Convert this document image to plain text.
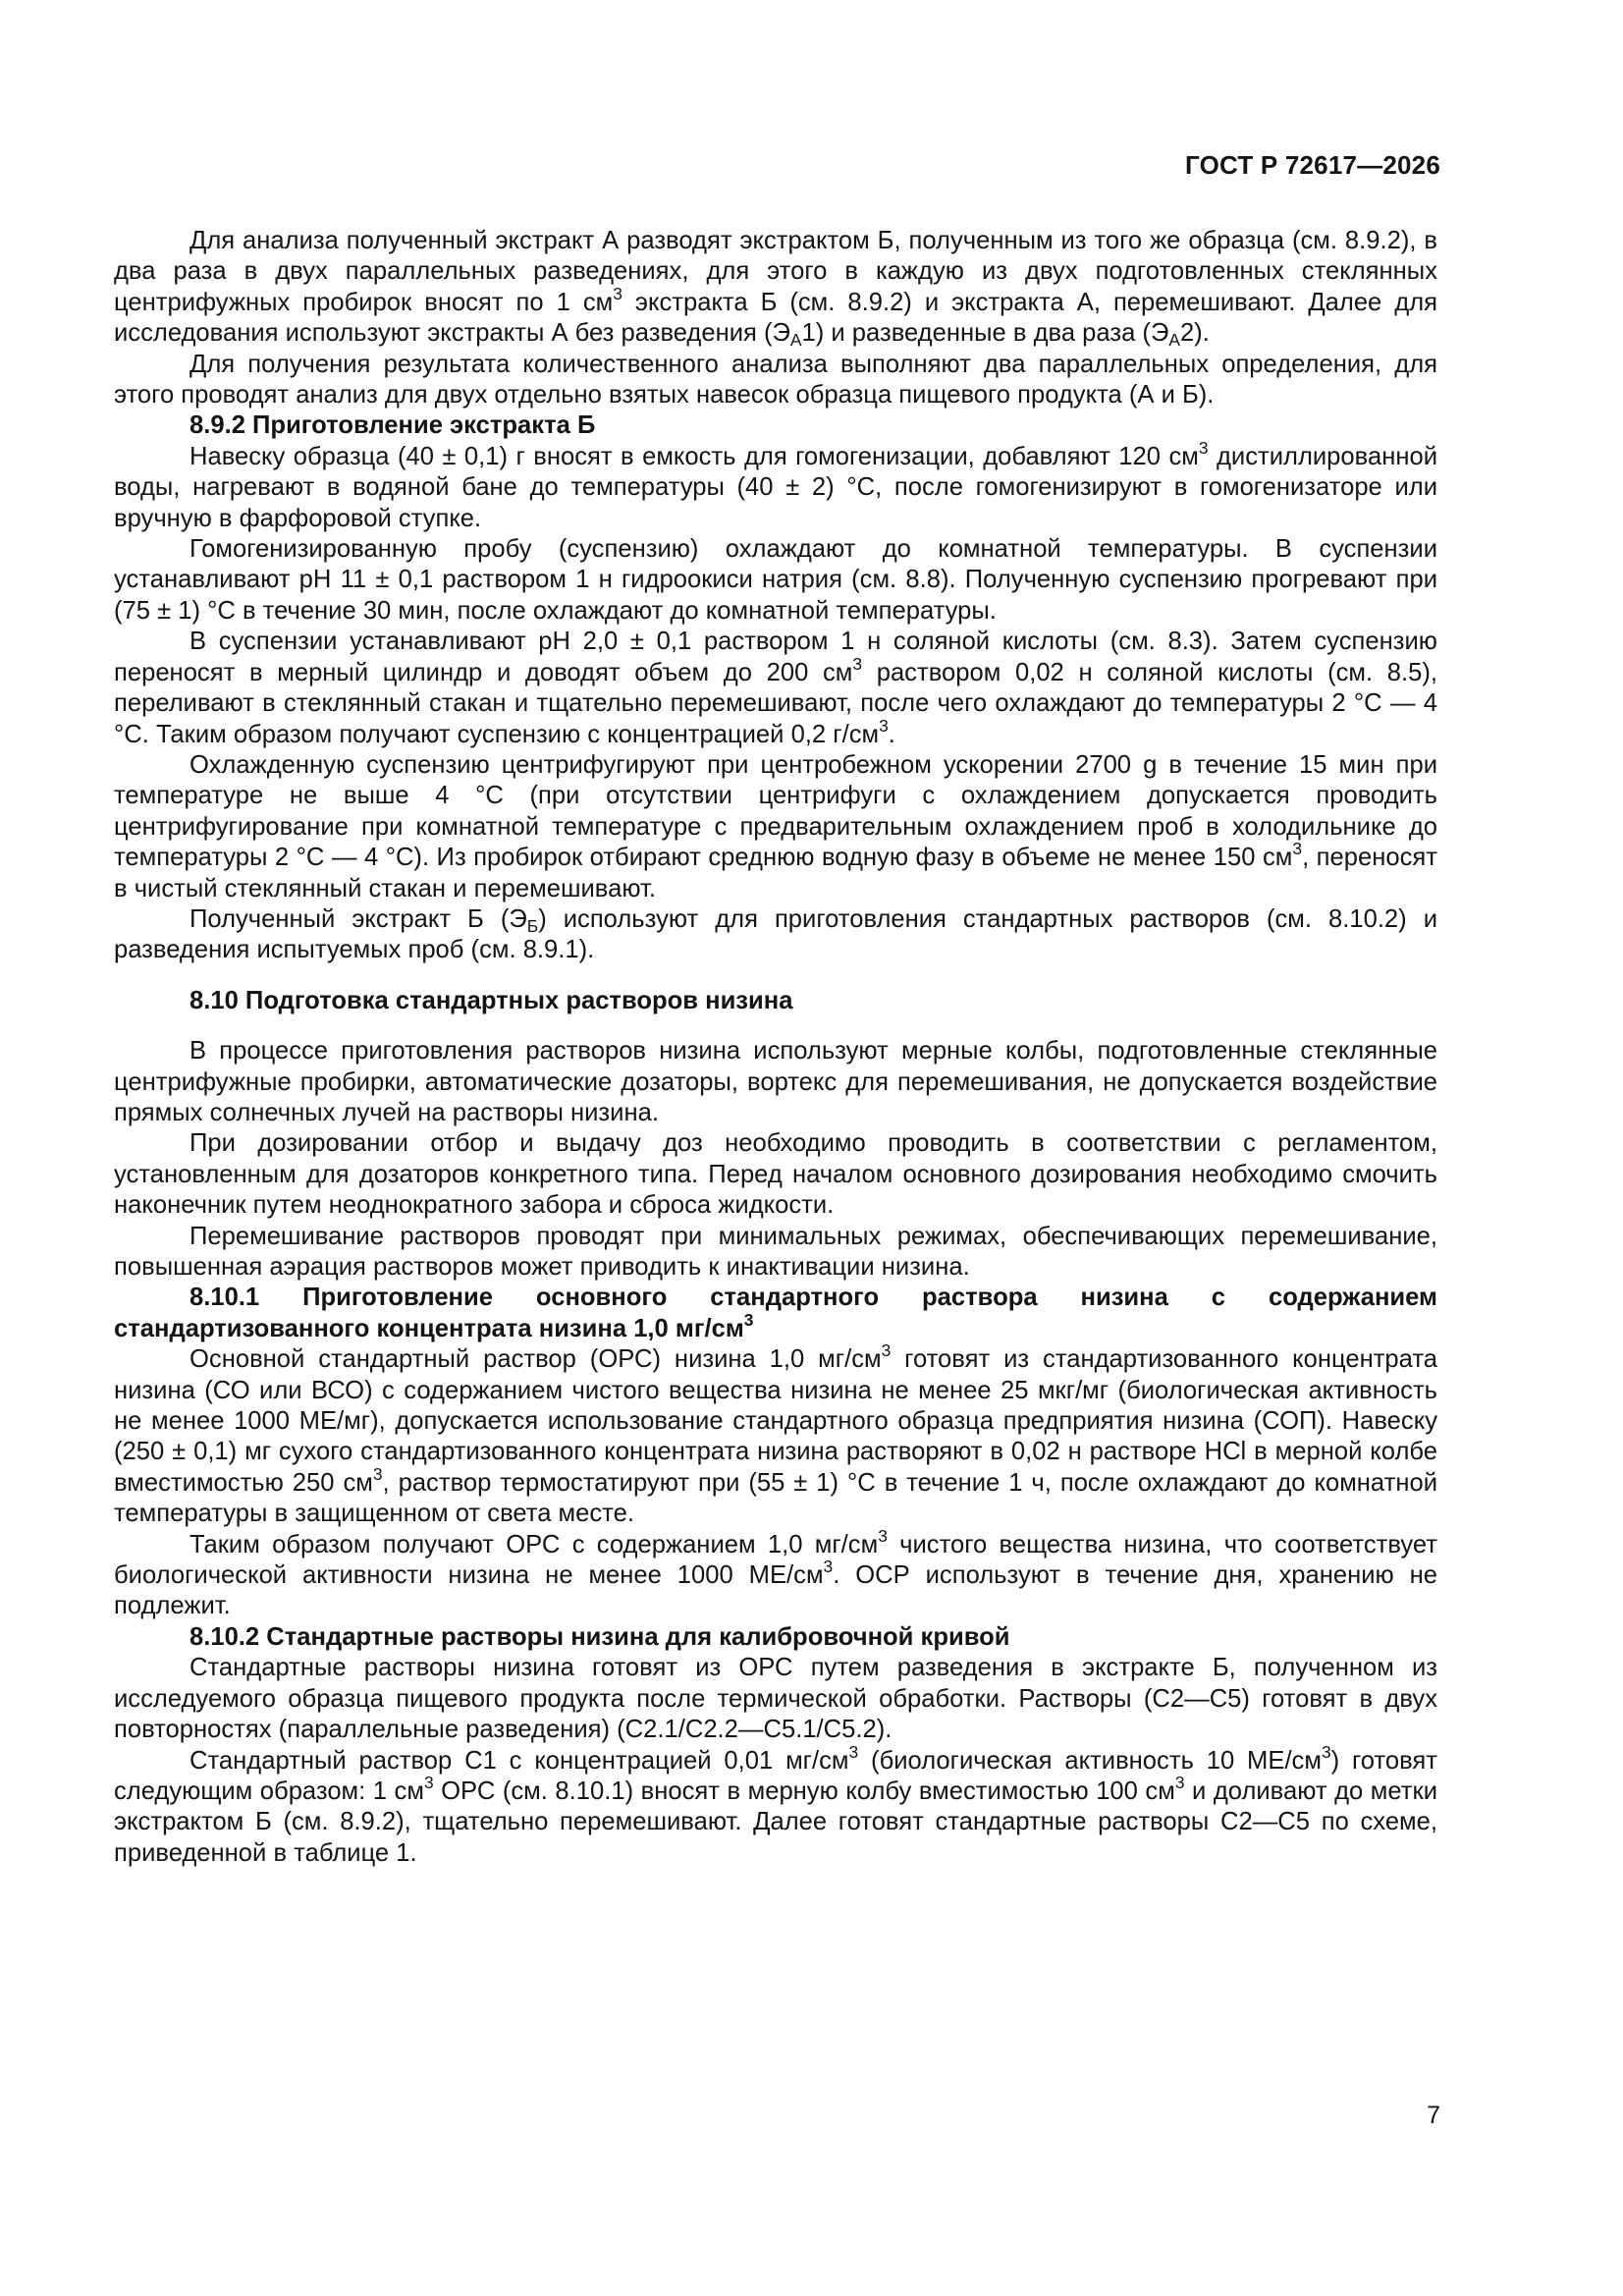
ГОСТ Р 72617—2026

Для анализа полученный экстракт А разводят экстрактом Б, полученным из того же образца (см. 8.9.2), в два раза в двух параллельных разведениях, для этого в каждую из двух подготовленных стеклянных центрифужных пробирок вносят по 1 $см^3$ экстракта Б (см. 8.9.2) и экстракта А, перемешивают. Далее для исследования используют экстракты А без разведения $(Э_А1)$ и разведенные в два раза $(Э_А2)$.

Для получения результата количественного анализа выполняют два параллельных определения, для этого проводят анализ для двух отдельно взятых навесок образца пищевого продукта (А и Б).

8.9.2 Приготовление экстракта Б

Навеску образца (40 ± 0,1) г вносят в емкость для гомогенизации, добавляют 120 $см^3$ дистиллированной воды, нагревают в водяной бане до температуры (40 ± 2) °С, после гомогенизируют в гомогенизаторе или вручную в фарфоровой ступке.

Гомогенизированную пробу (суспензию) охлаждают до комнатной температуры. В суспензии устанавливают рН 11 ± 0,1 раствором 1 н гидроокиси натрия (см. 8.8). Полученную суспензию прогревают при (75 ± 1) °С в течение 30 мин, после охлаждают до комнатной температуры.

В суспензии устанавливают рН 2,0 ± 0,1 раствором 1 н соляной кислоты (см. 8.3). Затем суспензию переносят в мерный цилиндр и доводят объем до 200 $см^3$ раствором 0,02 н соляной кислоты (см. 8.5), переливают в стеклянный стакан и тщательно перемешивают, после чего охлаждают до температуры 2 °С — 4 °С. Таким образом получают суспензию с концентрацией 0,2 $г/см^3$.

Охлажденную суспензию центрифугируют при центробежном ускорении 2700 g в течение 15 мин при температуре не выше 4 °С (при отсутствии центрифуги с охлаждением допускается проводить центрифугирование при комнатной температуре с предварительным охлаждением проб в холодильнике до температуры 2 °С — 4 °С). Из пробирок отбирают среднюю водную фазу в объеме не менее 150 $см^3$, переносят в чистый стеклянный стакан и перемешивают.

Полученный экстракт Б $(Э_Б)$ используют для приготовления стандартных растворов (см. 8.10.2) и разведения испытуемых проб (см. 8.9.1).

8.10 Подготовка стандартных растворов низина

В процессе приготовления растворов низина используют мерные колбы, подготовленные стеклянные центрифужные пробирки, автоматические дозаторы, вортекс для перемешивания, не допускается воздействие прямых солнечных лучей на растворы низина.

При дозировании отбор и выдачу доз необходимо проводить в соответствии с регламентом, установленным для дозаторов конкретного типа. Перед началом основного дозирования необходимо смочить наконечник путем неоднократного забора и сброса жидкости.

Перемешивание растворов проводят при минимальных режимах, обеспечивающих перемешивание, повышенная аэрация растворов может приводить к инактивации низина.

8.10.1 Приготовление основного стандартного раствора низина с содержанием стандартизованного концентрата низина 1,0 $мг/см^3$

Основной стандартный раствор (ОРС) низина 1,0 $мг/см^3$ готовят из стандартизованного концентрата низина (СО или ВСО) с содержанием чистого вещества низина не менее 25 мкг/мг (биологическая активность не менее 1000 МЕ/мг), допускается использование стандартного образца предприятия низина (СОП). Навеску (250 ± 0,1) мг сухого стандартизованного концентрата низина растворяют в 0,02 н растворе HCl в мерной колбе вместимостью 250 $см^3$, раствор термостатируют при (55 ± 1) °С в течение 1 ч, после охлаждают до комнатной температуры в защищенном от света месте.

Таким образом получают ОРС с содержанием 1,0 $мг/см^3$ чистого вещества низина, что соответствует биологической активности низина не менее 1000 $МЕ/см^3$. ОСР используют в течение дня, хранению не подлежит.

8.10.2 Стандартные растворы низина для калибровочной кривой

Стандартные растворы низина готовят из ОРС путем разведения в экстракте Б, полученном из исследуемого образца пищевого продукта после термической обработки. Растворы (С2—С5) готовят в двух повторностях (параллельные разведения) (С2.1/С2.2—С5.1/С5.2).

Стандартный раствор С1 с концентрацией 0,01 $мг/см^3$ (биологическая активность 10 $МЕ/см^3$) готовят следующим образом: 1 $см^3$ ОРС (см. 8.10.1) вносят в мерную колбу вместимостью 100 $см^3$ и доливают до метки экстрактом Б (см. 8.9.2), тщательно перемешивают. Далее готовят стандартные растворы С2—С5 по схеме, приведенной в таблице 1.

7
